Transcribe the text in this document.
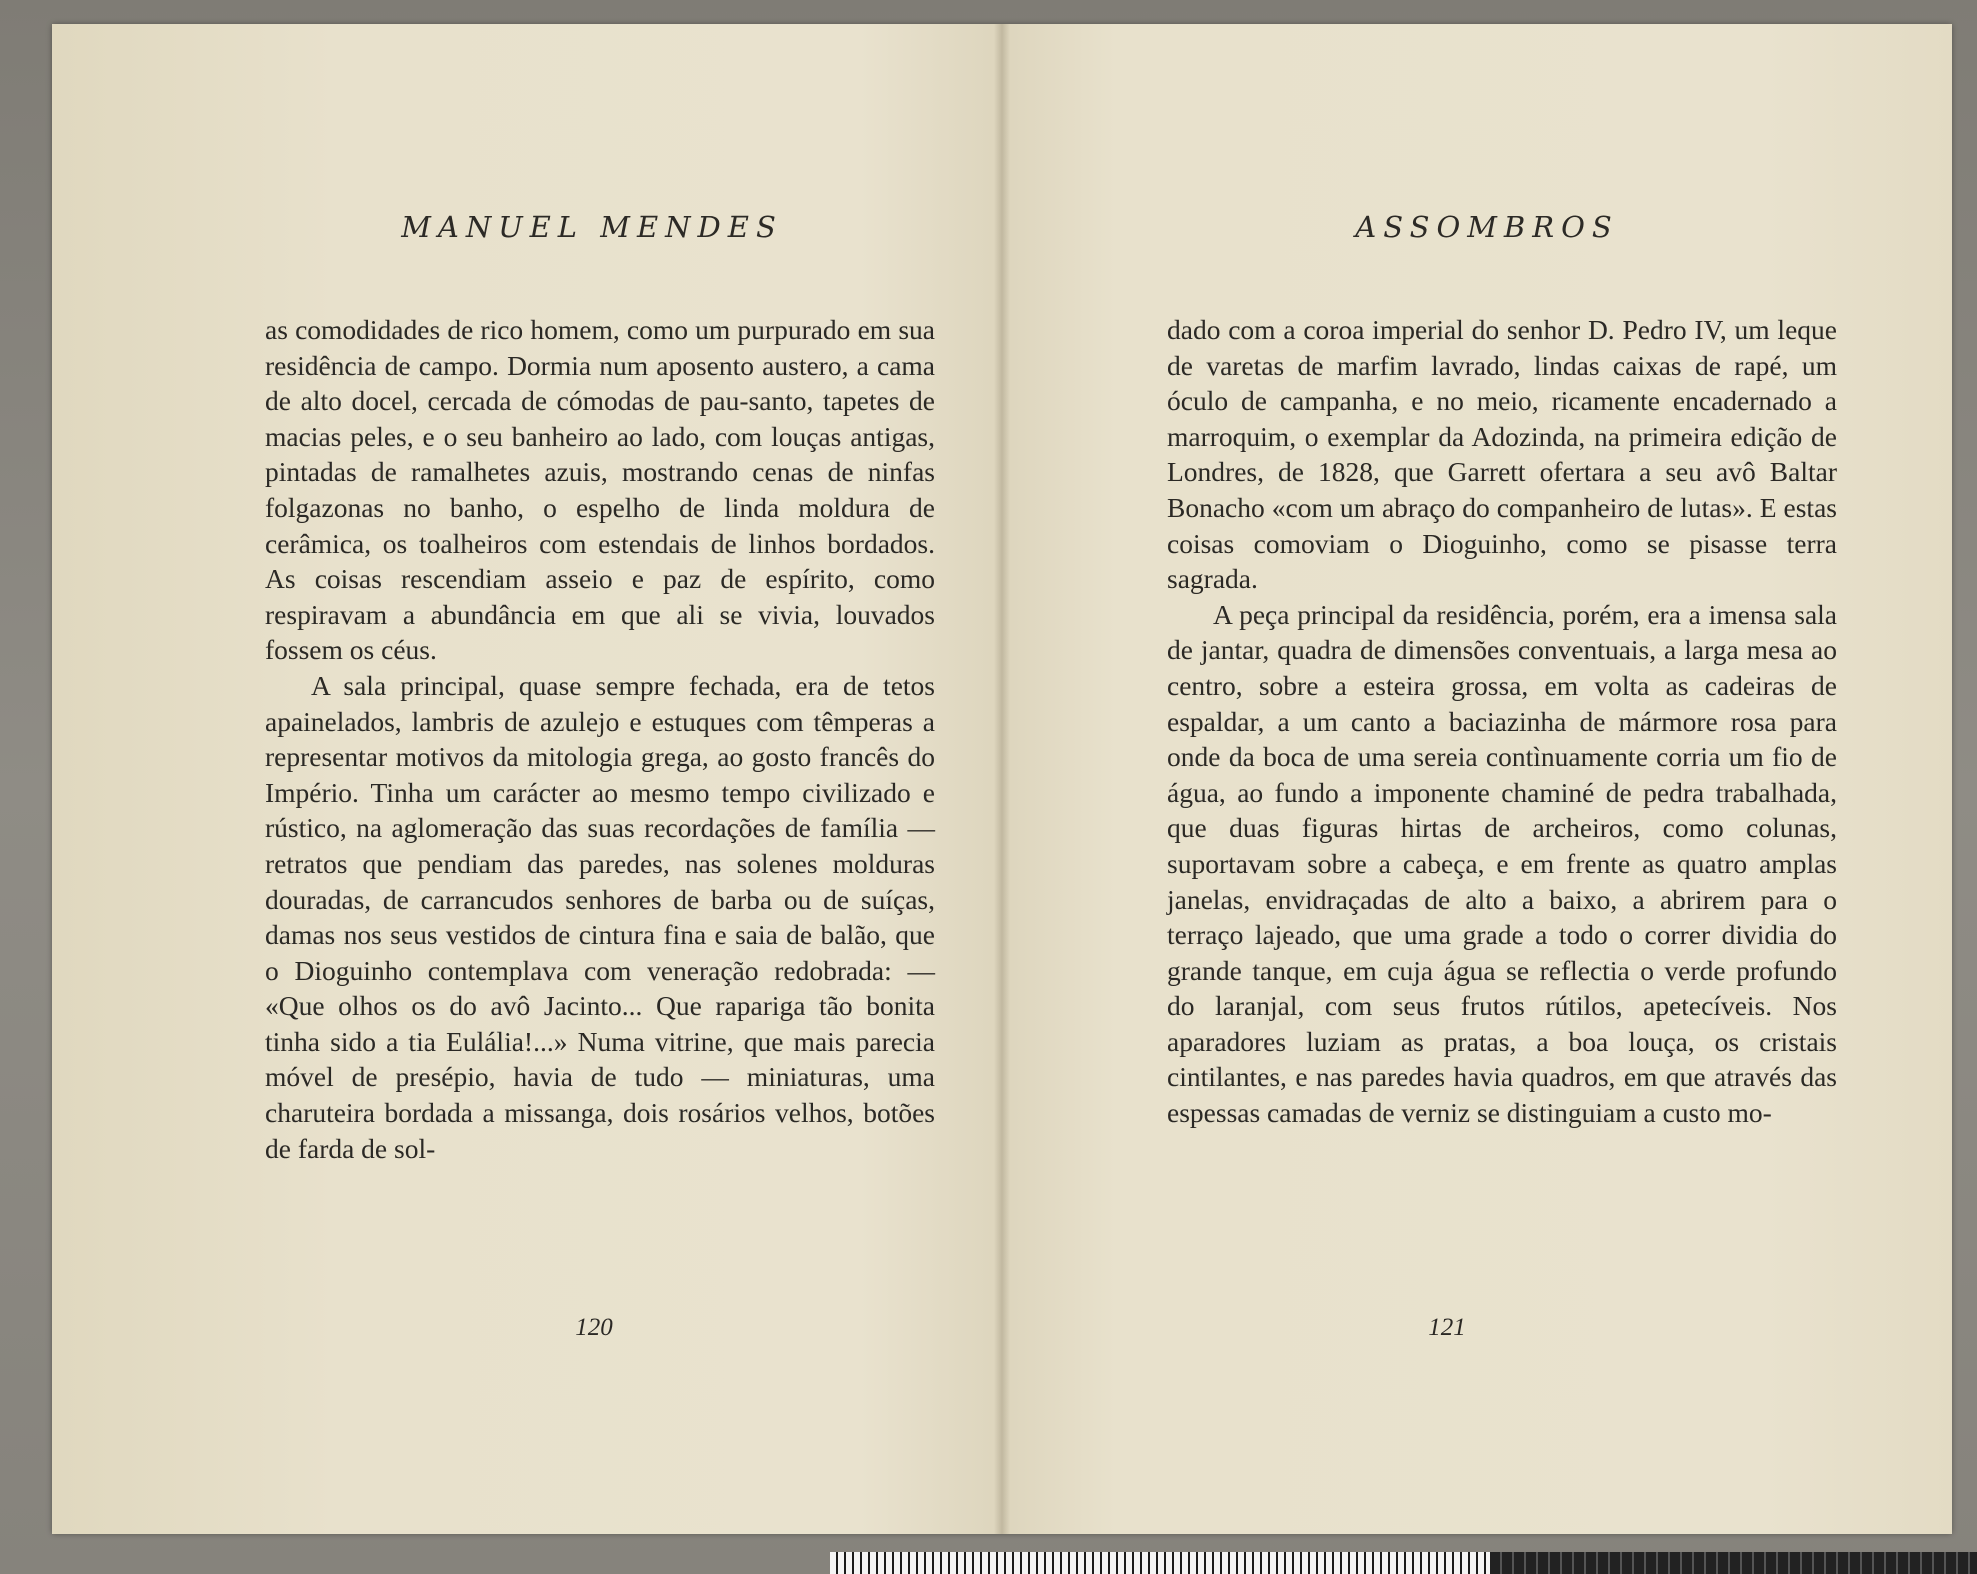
MANUEL MENDES

as comodidades de rico homem, como um purpurado em sua residência de campo. Dormia num aposento austero, a cama de alto docel, cercada de cómodas de pau-santo, tapetes de macias peles, e o seu banheiro ao lado, com louças antigas, pintadas de ramalhetes azuis, mostrando cenas de ninfas folgazonas no banho, o espelho de linda moldura de cerâmica, os toalheiros com estendais de linhos bordados. As coisas rescendiam asseio e paz de espírito, como respiravam a abundância em que ali se vivia, louvados fossem os céus.

A sala principal, quase sempre fechada, era de tetos apainelados, lambris de azulejo e estuques com têmperas a representar motivos da mitologia grega, ao gosto francês do Império. Tinha um carácter ao mesmo tempo civilizado e rústico, na aglomeração das suas recordações de família — retratos que pendiam das paredes, nas solenes molduras douradas, de carrancudos senhores de barba ou de suíças, damas nos seus vestidos de cintura fina e saia de balão, que o Dioguinho contemplava com veneração redobrada: — «Que olhos os do avô Jacinto... Que rapariga tão bonita tinha sido a tia Eulália!...» Numa vitrine, que mais parecia móvel de presépio, havia de tudo — miniaturas, uma charuteira bordada a missanga, dois rosários velhos, botões de farda de sol-

120
ASSOMBROS

dado com a coroa imperial do senhor D. Pedro IV, um leque de varetas de marfim lavrado, lindas caixas de rapé, um óculo de campanha, e no meio, ricamente encadernado a marroquim, o exemplar da Adozinda, na primeira edição de Londres, de 1828, que Garrett ofertara a seu avô Baltar Bonacho «com um abraço do companheiro de lutas». E estas coisas comoviam o Dioguinho, como se pisasse terra sagrada.

A peça principal da residência, porém, era a imensa sala de jantar, quadra de dimensões conventuais, a larga mesa ao centro, sobre a esteira grossa, em volta as cadeiras de espaldar, a um canto a baciazinha de mármore rosa para onde da boca de uma sereia contìnuamente corria um fio de água, ao fundo a imponente chaminé de pedra trabalhada, que duas figuras hirtas de archeiros, como colunas, suportavam sobre a cabeça, e em frente as quatro amplas janelas, envidraçadas de alto a baixo, a abrirem para o terraço lajeado, que uma grade a todo o correr dividia do grande tanque, em cuja água se reflectia o verde profundo do laranjal, com seus frutos rútilos, apetecíveis. Nos aparadores luziam as pratas, a boa louça, os cristais cintilantes, e nas paredes havia quadros, em que através das espessas camadas de verniz se distinguiam a custo mo-

121
